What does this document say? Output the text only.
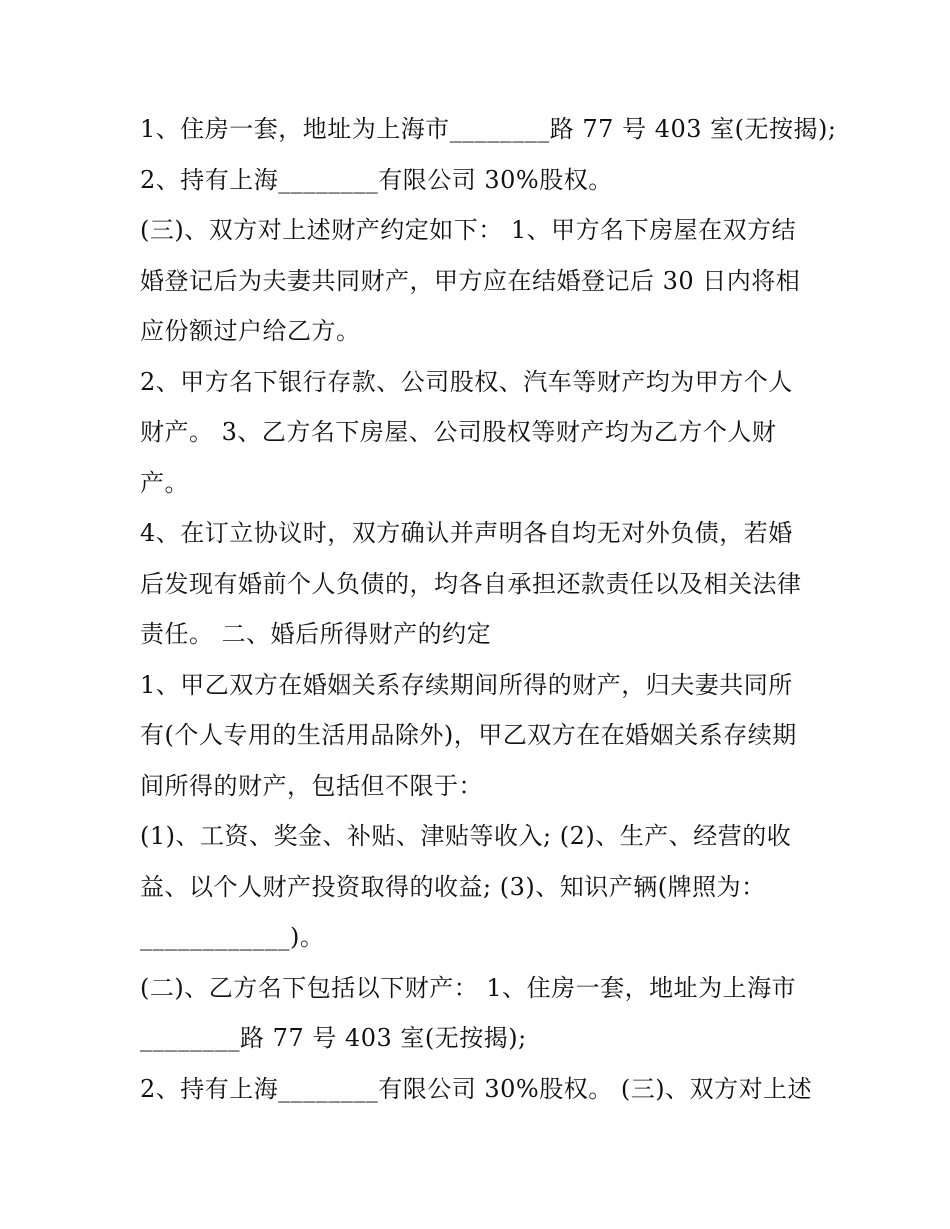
1、住房一套，地址为上海市________路 77 号 403 室(无按揭);
2、持有上海________有限公司 30%股权。
(三)、双方对上述财产约定如下： 1、甲方名下房屋在双方结
婚登记后为夫妻共同财产，甲方应在结婚登记后 30 日内将相
应份额过户给乙方。
2、甲方名下银行存款、公司股权、汽车等财产均为甲方个人
财产。 3、乙方名下房屋、公司股权等财产均为乙方个人财
产。
4、在订立协议时，双方确认并声明各自均无对外负债，若婚
后发现有婚前个人负债的，均各自承担还款责任以及相关法律
责任。 二、婚后所得财产的约定
1、甲乙双方在婚姻关系存续期间所得的财产，归夫妻共同所
有(个人专用的生活用品除外)，甲乙双方在在婚姻关系存续期
间所得的财产，包括但不限于：
(1)、工资、奖金、补贴、津贴等收入; (2)、生产、经营的收
益、以个人财产投资取得的收益; (3)、知识产辆(牌照为：
____________)。
(二)、乙方名下包括以下财产： 1、住房一套，地址为上海市
________路 77 号 403 室(无按揭);
2、持有上海________有限公司 30%股权。 (三)、双方对上述
